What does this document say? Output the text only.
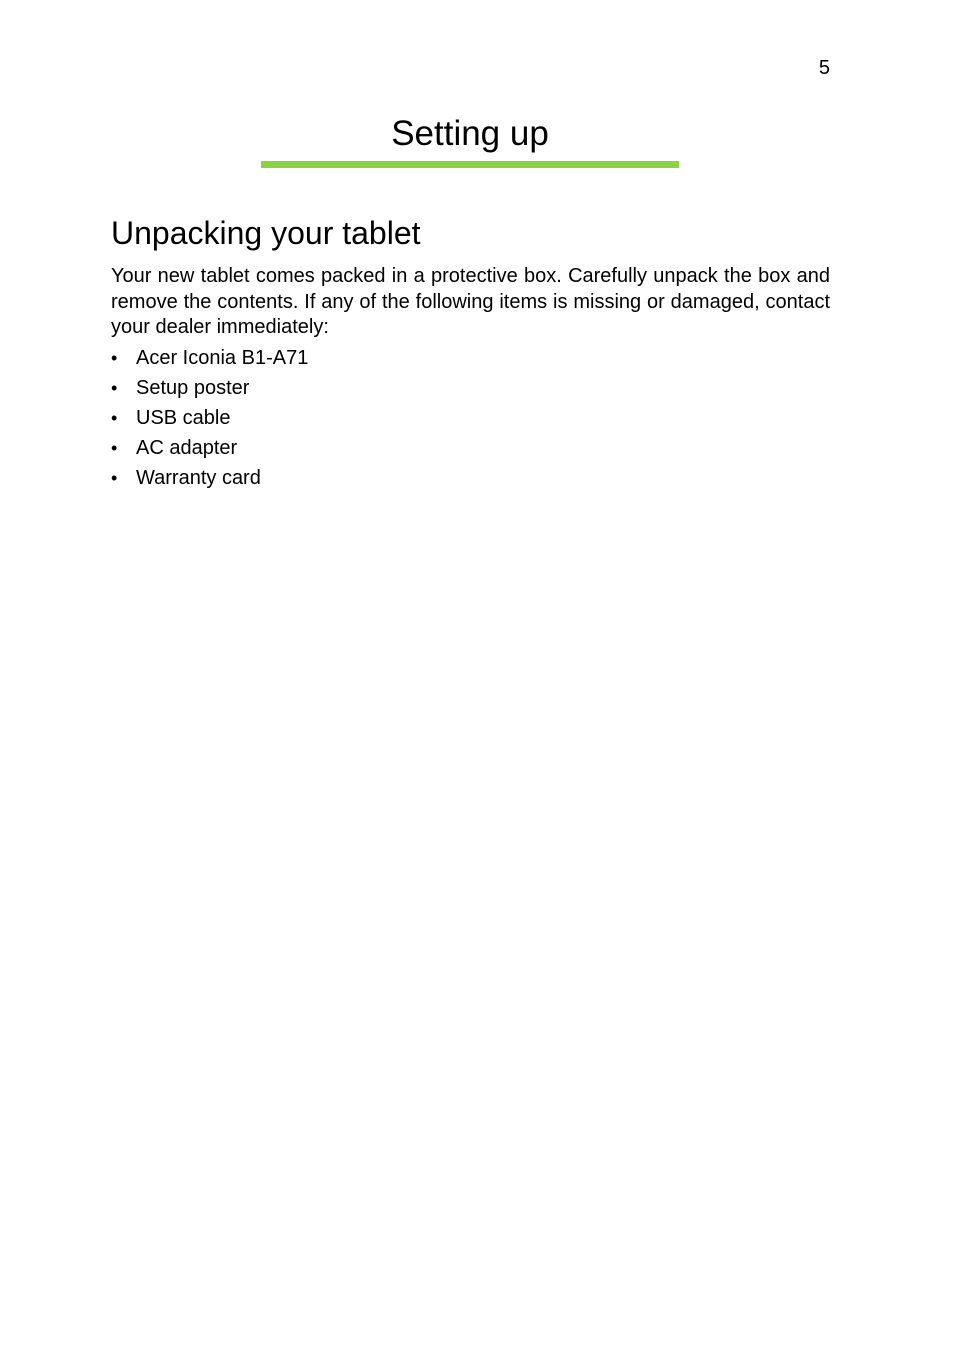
5
Setting up
Unpacking your tablet

Your new tablet comes packed in a protective box. Carefully unpack the box and remove the contents. If any of the following items is missing or damaged, contact your dealer immediately:

• Acer Iconia B1-A71
• Setup poster
• USB cable
• AC adapter
• Warranty card
